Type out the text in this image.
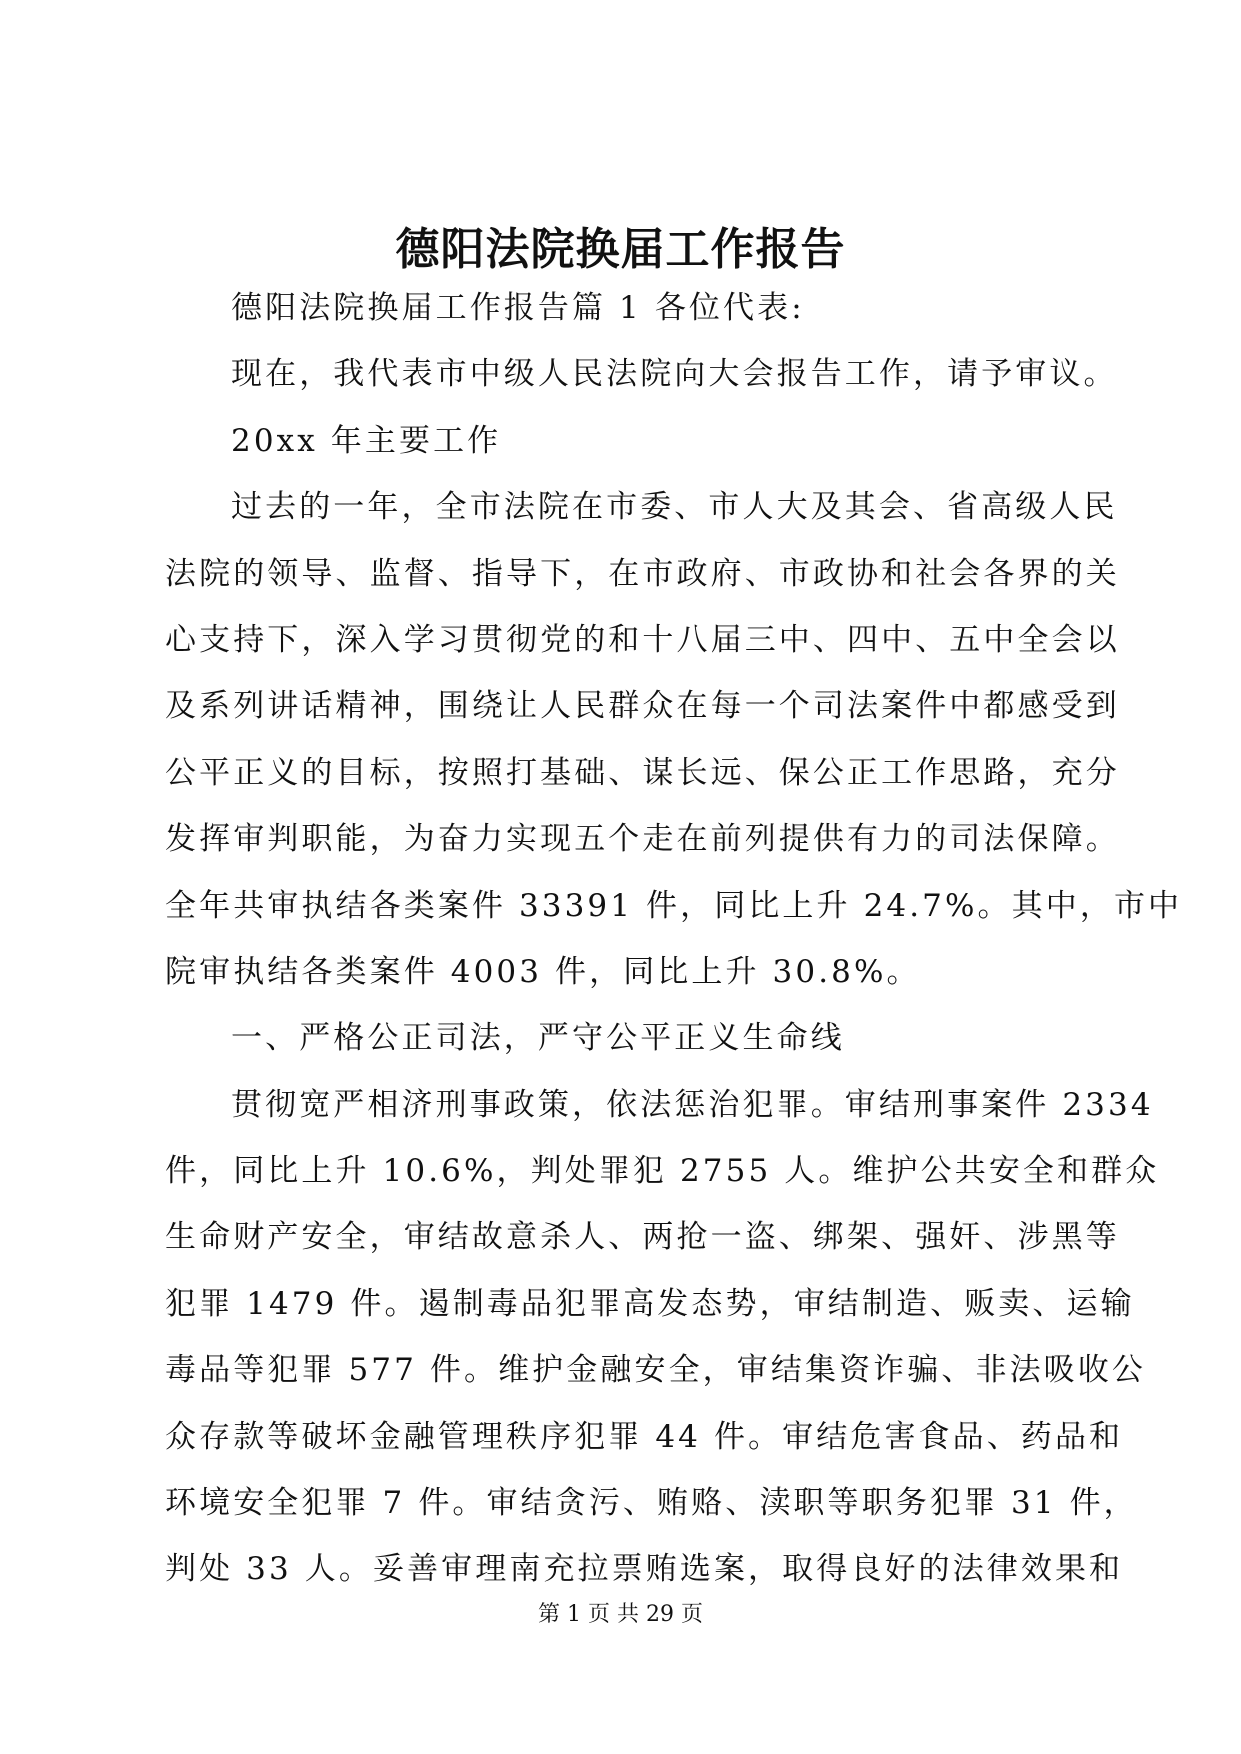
德阳法院换届工作报告
德阳法院换届工作报告篇 1 各位代表:
现在，我代表市中级人民法院向大会报告工作，请予审议。
20xx 年主要工作
过去的一年，全市法院在市委、市人大及其会、省高级人民
法院的领导、监督、指导下，在市政府、市政协和社会各界的关
心支持下，深入学习贯彻党的和十八届三中、四中、五中全会以
及系列讲话精神，围绕让人民群众在每一个司法案件中都感受到
公平正义的目标，按照打基础、谋长远、保公正工作思路，充分
发挥审判职能，为奋力实现五个走在前列提供有力的司法保障。
全年共审执结各类案件 33391 件，同比上升 24.7%。其中，市中
院审执结各类案件 4003 件，同比上升 30.8%。
一、严格公正司法，严守公平正义生命线
贯彻宽严相济刑事政策，依法惩治犯罪。审结刑事案件 2334
件，同比上升 10.6%，判处罪犯 2755 人。维护公共安全和群众
生命财产安全，审结故意杀人、两抢一盗、绑架、强奸、涉黑等
犯罪 1479 件。遏制毒品犯罪高发态势，审结制造、贩卖、运输
毒品等犯罪 577 件。维护金融安全，审结集资诈骗、非法吸收公
众存款等破坏金融管理秩序犯罪 44 件。审结危害食品、药品和
环境安全犯罪 7 件。审结贪污、贿赂、渎职等职务犯罪 31 件，
判处 33 人。妥善审理南充拉票贿选案，取得良好的法律效果和
第 1 页 共 29 页
